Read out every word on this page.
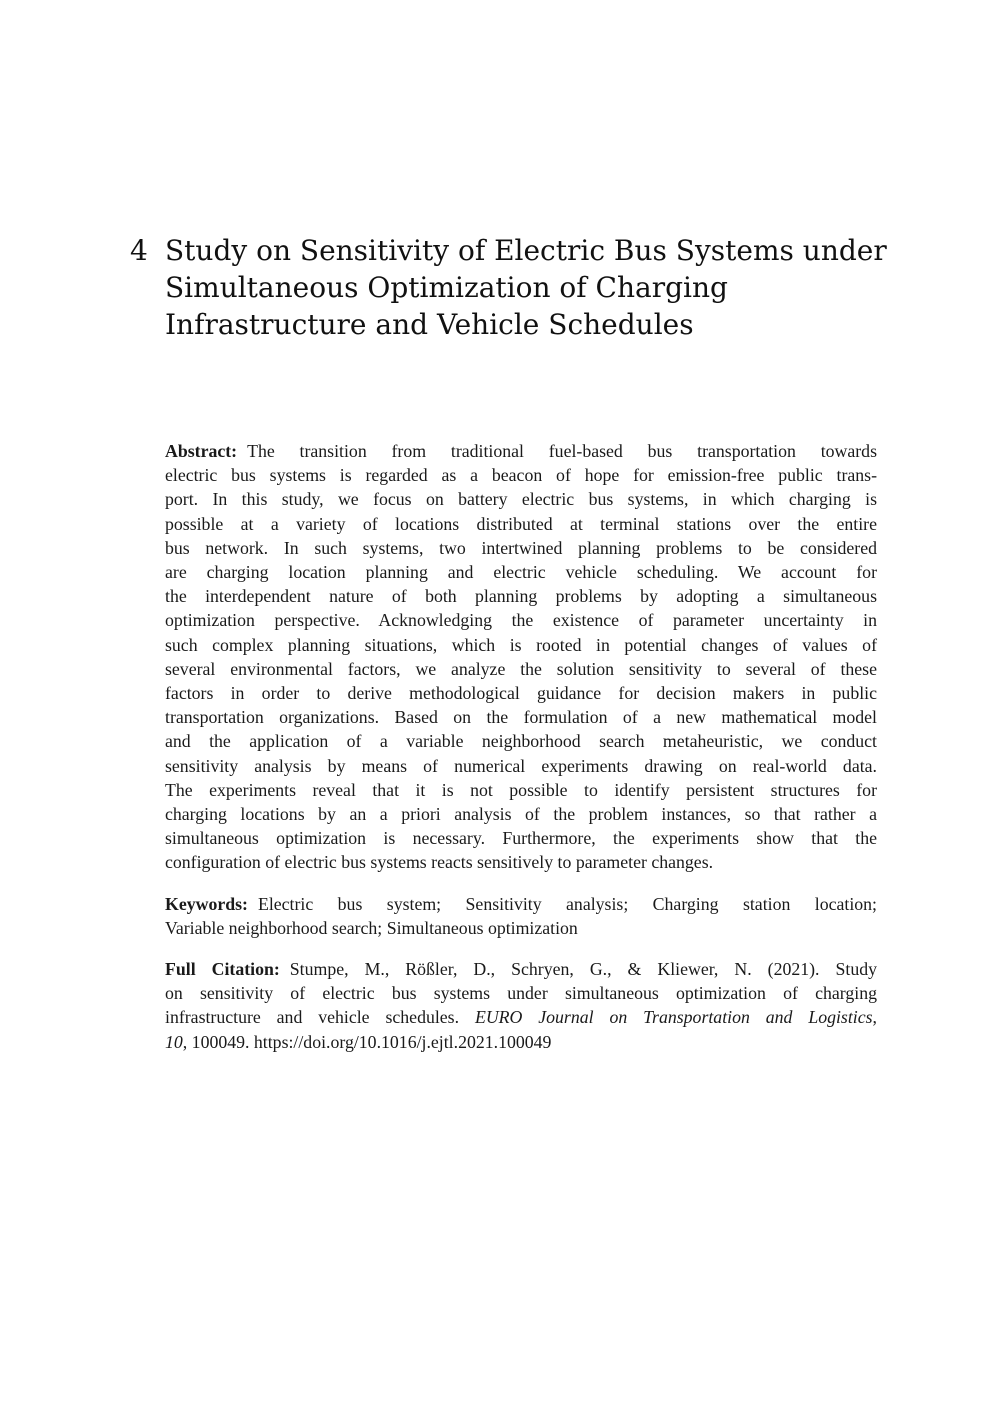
4 Study on Sensitivity of Electric Bus Systems under
Simultaneous Optimization of Charging
Infrastructure and Vehicle Schedules
Abstract: The transition from traditional fuel-based bus transportation towards
electric bus systems is regarded as a beacon of hope for emission-free public trans-
port. In this study, we focus on battery electric bus systems, in which charging is
possible at a variety of locations distributed at terminal stations over the entire
bus network. In such systems, two intertwined planning problems to be considered
are charging location planning and electric vehicle scheduling. We account for
the interdependent nature of both planning problems by adopting a simultaneous
optimization perspective. Acknowledging the existence of parameter uncertainty in
such complex planning situations, which is rooted in potential changes of values of
several environmental factors, we analyze the solution sensitivity to several of these
factors in order to derive methodological guidance for decision makers in public
transportation organizations. Based on the formulation of a new mathematical model
and the application of a variable neighborhood search metaheuristic, we conduct
sensitivity analysis by means of numerical experiments drawing on real-world data.
The experiments reveal that it is not possible to identify persistent structures for
charging locations by an a priori analysis of the problem instances, so that rather a
simultaneous optimization is necessary. Furthermore, the experiments show that the
configuration of electric bus systems reacts sensitively to parameter changes.
Keywords: Electric bus system; Sensitivity analysis; Charging station location;
Variable neighborhood search; Simultaneous optimization
Full Citation: Stumpe, M., Rößler, D., Schryen, G., & Kliewer, N. (2021). Study
on sensitivity of electric bus systems under simultaneous optimization of charging
infrastructure and vehicle schedules. EURO Journal on Transportation and Logistics,
10, 100049. https://doi.org/10.1016/j.ejtl.2021.100049
